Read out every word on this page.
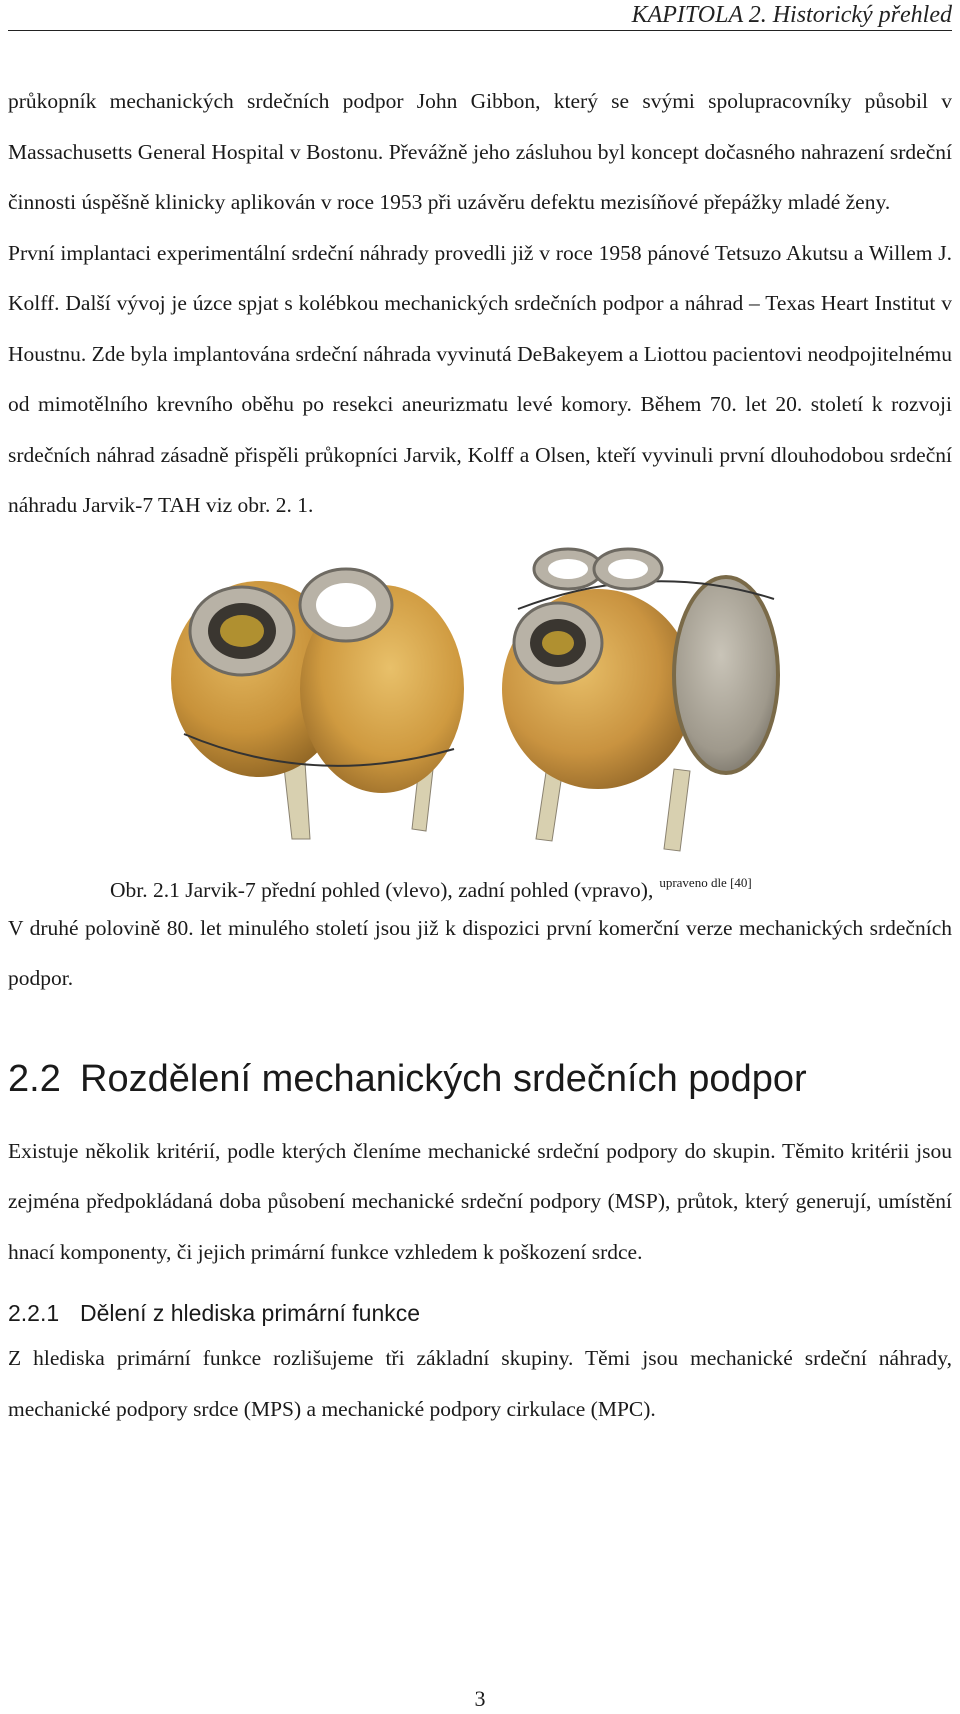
KAPITOLA 2. Historický přehled

průkopník mechanických srdečních podpor John Gibbon, který se svými spolupracovníky působil v Massachusetts General Hospital v Bostonu. Převážně jeho zásluhou byl koncept dočasného nahrazení srdeční činnosti úspěšně klinicky aplikován v roce 1953 při uzávěru defektu mezisíňové přepážky mladé ženy.

První implantaci experimentální srdeční náhrady provedli již v roce 1958 pánové Tetsuzo Akutsu a Willem J. Kolff. Další vývoj je úzce spjat s kolébkou mechanických srdečních podpor a náhrad – Texas Heart Institut v Houstnu. Zde byla implantována srdeční náhrada vyvinutá DeBakeyem a Liottou pacientovi neodpojitelnému od mimotělního krevního oběhu po resekci aneurizmatu levé komory. Během 70. let 20. století k rozvoji srdečních náhrad zásadně přispěli průkopníci Jarvik, Kolff a Olsen, kteří vyvinuli první dlouhodobou srdeční náhradu Jarvik-7 TAH viz obr. 2. 1.

Obr. 2.1 Jarvik-7 přední pohled (vlevo), zadní pohled (vpravo), $^{upraveno dle [40]}$

V druhé polovině 80. let minulého století jsou již k dispozici první komerční verze mechanických srdečních podpor.

2.2 Rozdělení mechanických srdečních podpor

Existuje několik kritérií, podle kterých členíme mechanické srdeční podpory do skupin. Těmito kritérii jsou zejména předpokládaná doba působení mechanické srdeční podpory (MSP), průtok, který generují, umístění hnací komponenty, či jejich primární funkce vzhledem k poškození srdce.

2.2.1 Dělení z hlediska primární funkce

Z hlediska primární funkce rozlišujeme tři základní skupiny. Těmi jsou mechanické srdeční náhrady, mechanické podpory srdce (MPS) a mechanické podpory cirkulace (MPC).

3
